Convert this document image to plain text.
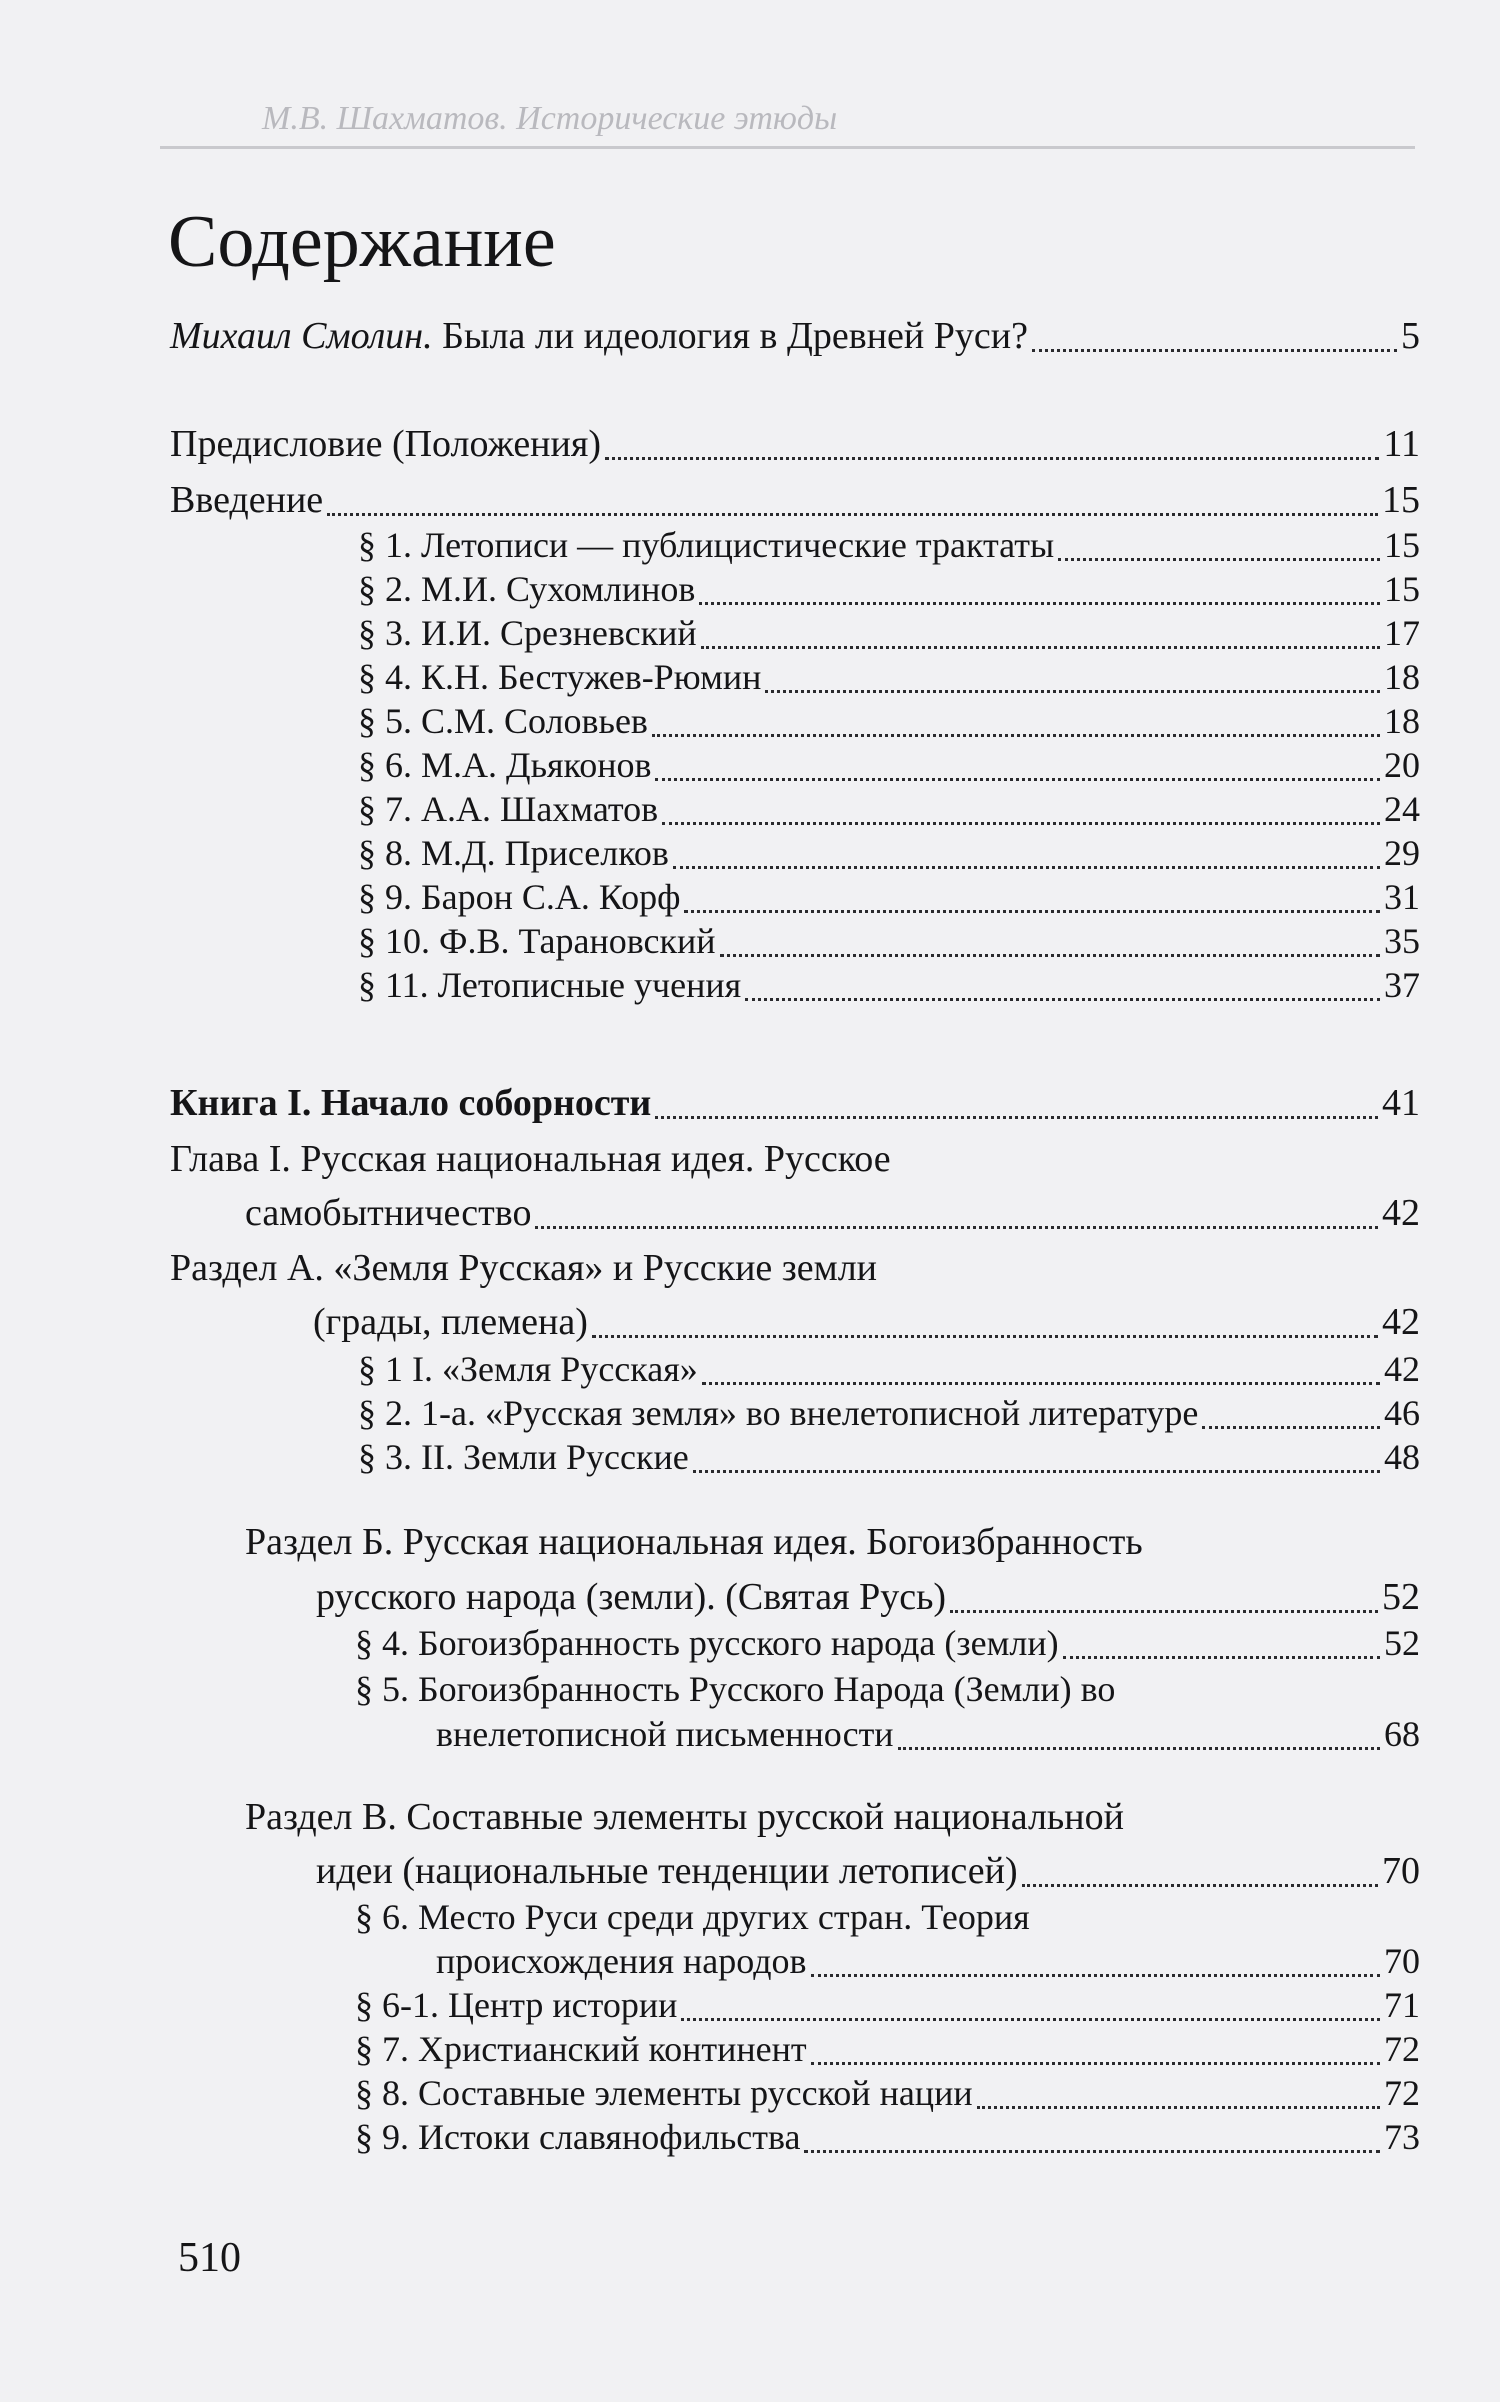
М.В. Шахматов. Исторические этюды
Содержание
Михаил Смолин. Была ли идеология в Древней Руси?	5
Предисловие (Положения)	11
Введение	15
§ 1. Летописи — публицистические трактаты	15
§ 2. М.И. Сухомлинов	15
§ 3. И.И. Срезневский	17
§ 4. К.Н. Бестужев-Рюмин	18
§ 5. С.М. Соловьев	18
§ 6. М.А. Дьяконов	20
§ 7. А.А. Шахматов	24
§ 8. М.Д. Приселков	29
§ 9. Барон С.А. Корф	31
§ 10. Ф.В. Тарановский	35
§ 11. Летописные учения	37
Книга I. Начало соборности	41
Глава I. Русская национальная идея. Русское
самобытничество	42
Раздел А. «Земля Русская» и Русские земли
(грады, племена)	42
§ 1 I. «Земля Русская»	42
§ 2. 1-а. «Русская земля» во внелетописной литературе	46
§ 3. II. Земли Русские	48
Раздел Б. Русская национальная идея. Богоизбранность
русского народа (земли). (Святая Русь)	52
§ 4. Богоизбранность русского народа (земли)	52
§ 5. Богоизбранность Русского Народа (Земли) во
внелетописной письменности	68
Раздел В. Составные элементы русской национальной
идеи (национальные тенденции летописей)	70
§ 6. Место Руси среди других стран. Теория
происхождения народов	70
§ 6-1. Центр истории	71
§ 7. Христианский континент	72
§ 8. Составные элементы русской нации	72
§ 9. Истоки славянофильства	73
510
